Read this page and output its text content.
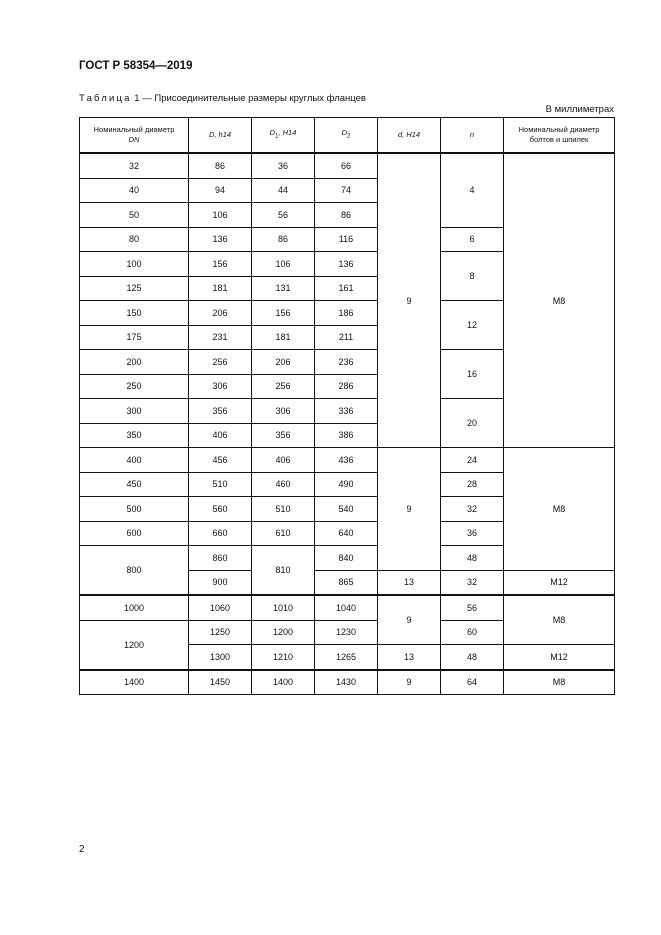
ГОСТ Р 58354—2019
Таблица 1 — Присоединительные размеры круглых фланцев
В миллиметрах
Номинальный диаметр
DN	D, h14	$D_1$, H14	$D_2$	d, H14	n	Номинальный диаметр
болтов и шпилек
32	86	36	66	9	4	M8
40	94	44	74			
50	106	56	86			
80	136	86	116		6	
100	156	106	136		8	
125	181	131	161			
150	206	156	186		12	
175	231	181	211			
200	256	206	236		16	
250	306	256	286			
300	356	306	336		20	
350	406	356	386			
400	456	406	436	9	24	M8
450	510	460	490		28	
500	560	510	540		32	
600	660	610	640		36	
800	860	810	840		48	
	900		865	13	32	M12
1000	1060	1010	1040	9	56	M8
1200	1250	1200	1230		60	
	1300	1210	1265	13	48	M12
1400	1450	1400	1430	9	64	M8
2
